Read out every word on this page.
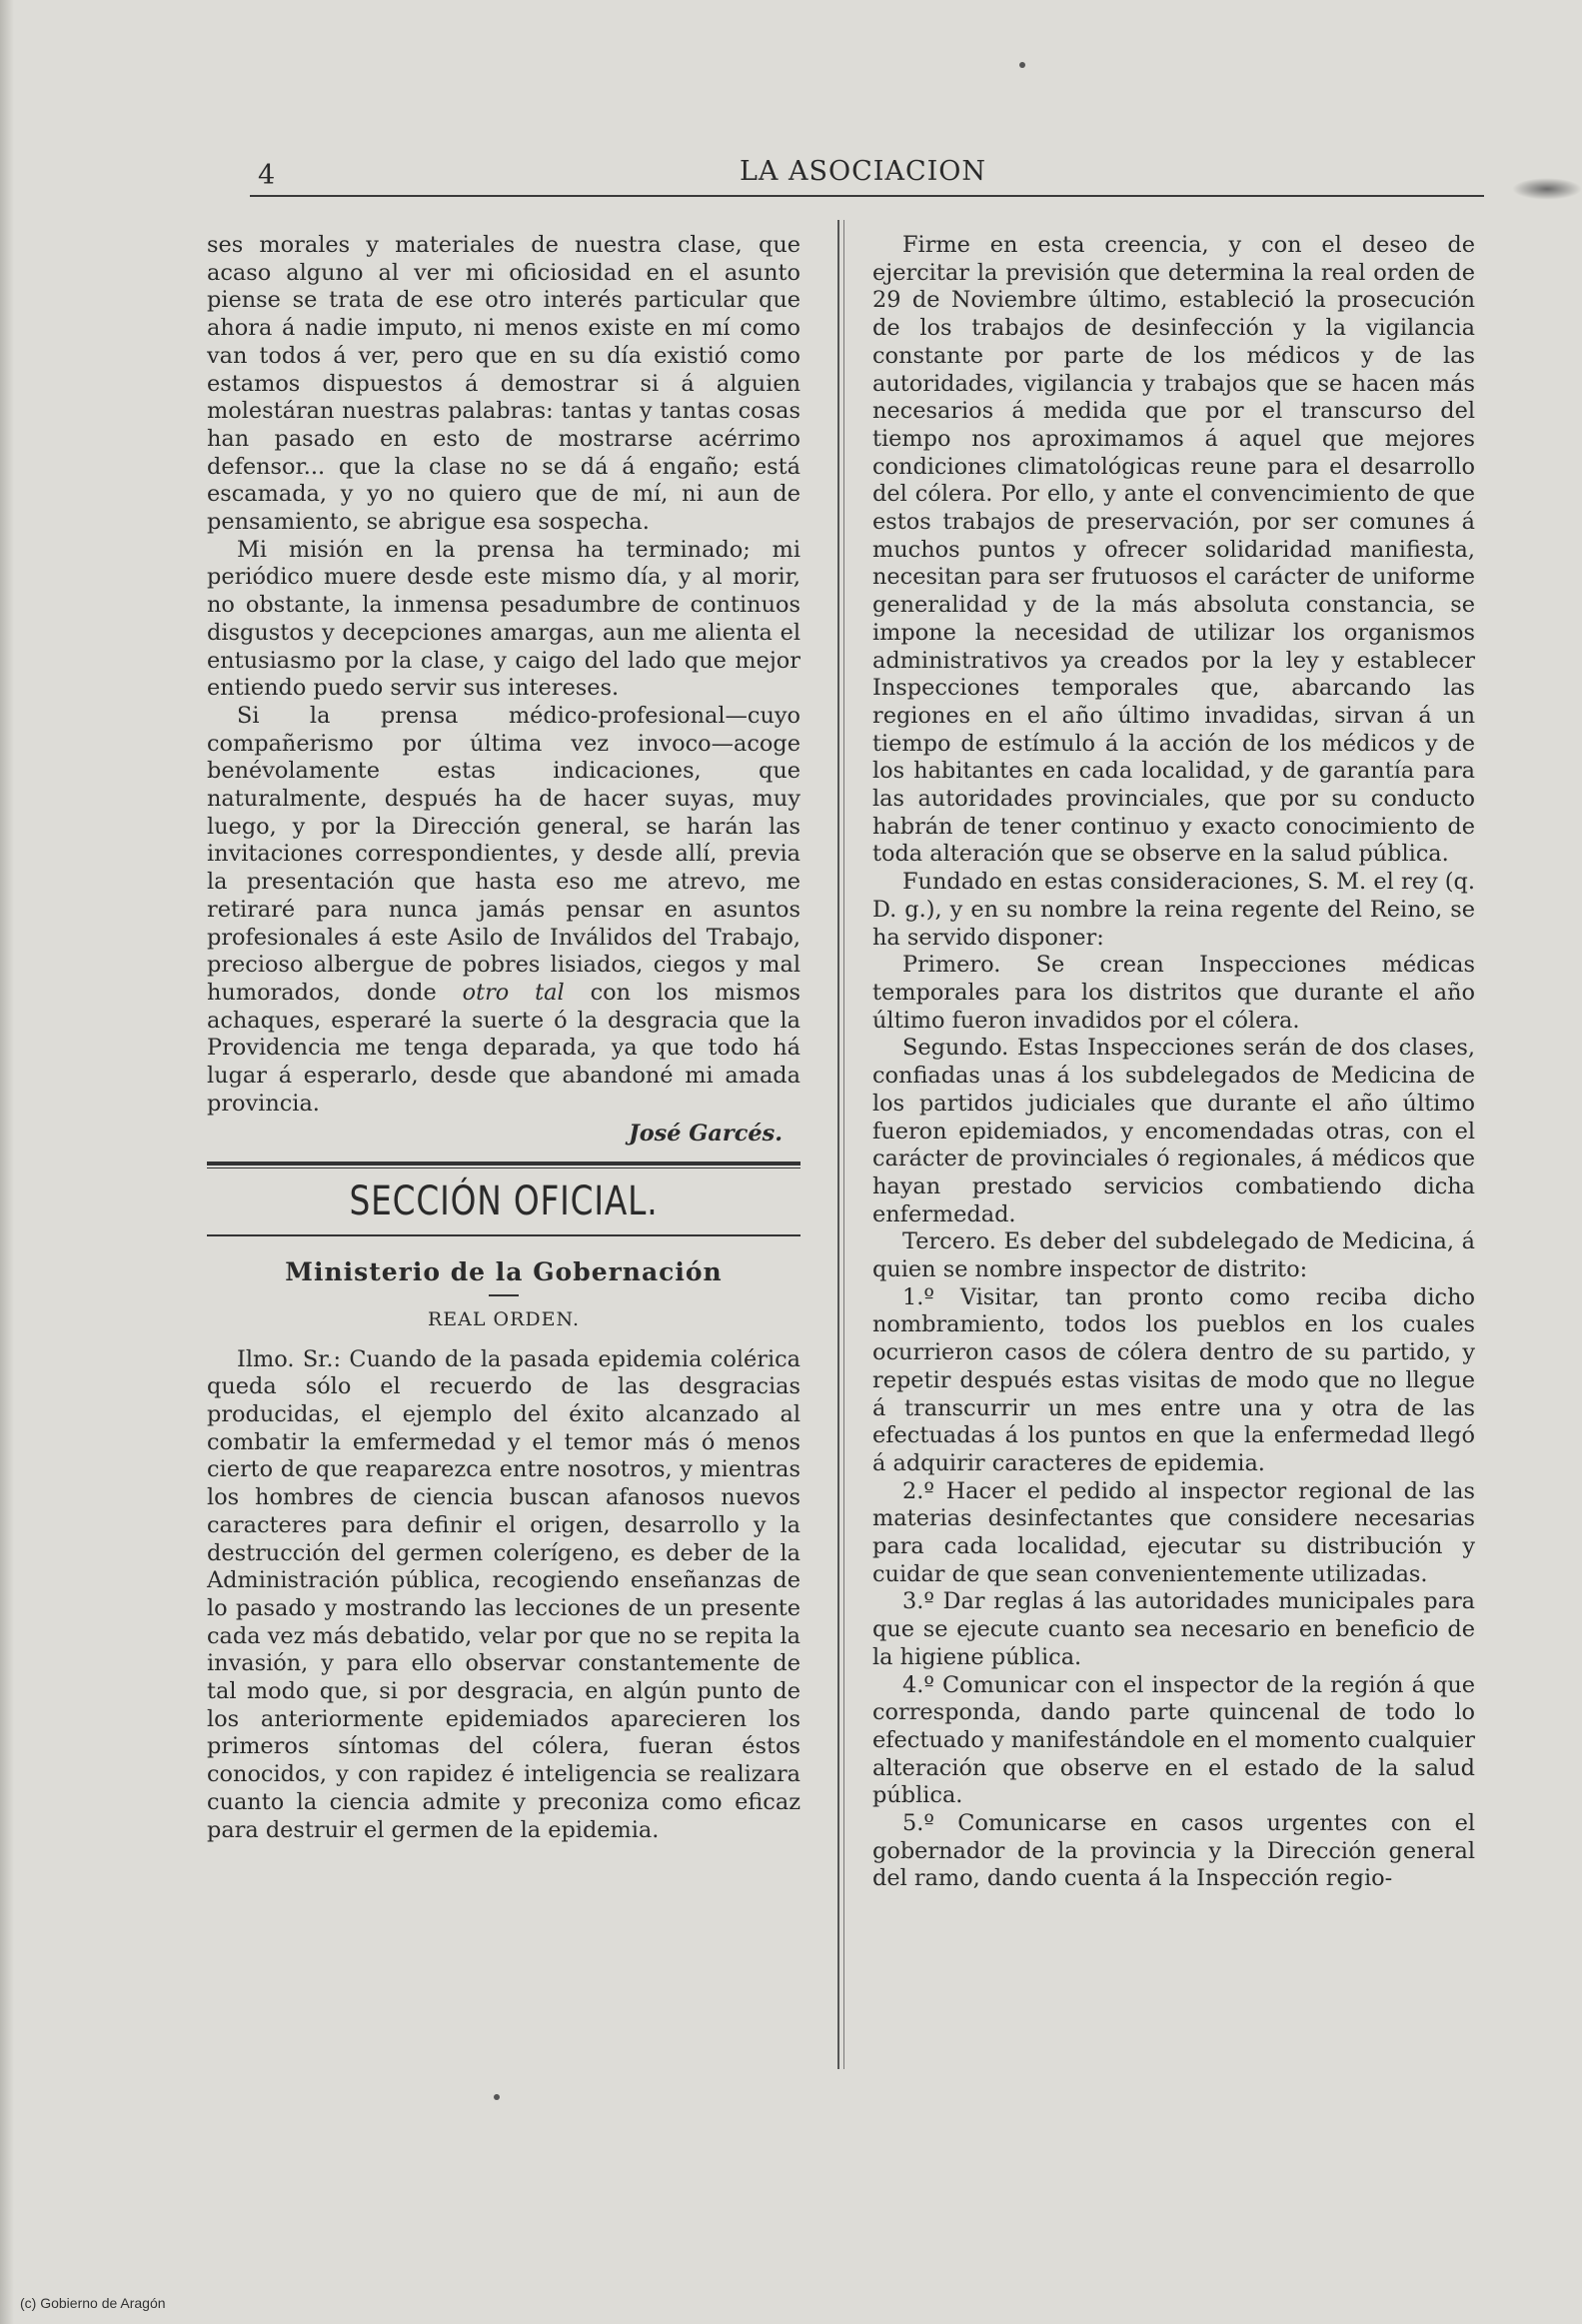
4	LA ASOCIACION

ses morales y materiales de nuestra clase, que acaso alguno al ver mi oficiosidad en el asunto piense se trata de ese otro interés particular que ahora á nadie imputo, ni menos existe en mí como van todos á ver, pero que en su día existió como estamos dispuestos á demostrar si á alguien molestáran nuestras palabras: tantas y tantas cosas han pasado en esto de mostrarse acérrimo defensor... que la clase no se dá á engaño; está escamada, y yo no quiero que de mí, ni aun de pensamiento, se abrigue esa sospecha.

Mi misión en la prensa ha terminado; mi periódico muere desde este mismo día, y al morir, no obstante, la inmensa pesadumbre de continuos disgustos y decepciones amargas, aun me alienta el entusiasmo por la clase, y caigo del lado que mejor entiendo puedo servir sus intereses.

Si la prensa médico-profesional—cuyo compañerismo por última vez invoco—acoge benévolamente estas indicaciones, que naturalmente, después ha de hacer suyas, muy luego, y por la Dirección general, se harán las invitaciones correspondientes, y desde allí, previa la presentación que hasta eso me atrevo, me retiraré para nunca jamás pensar en asuntos profesionales á este Asilo de Inválidos del Trabajo, precioso albergue de pobres lisiados, ciegos y mal humorados, donde otro tal con los mismos achaques, esperaré la suerte ó la desgracia que la Providencia me tenga deparada, ya que todo há lugar á esperarlo, desde que abandoné mi amada provincia.

José Garcés.
SECCIÓN OFICIAL.
Ministerio de la Gobernación
REAL ORDEN.

Ilmo. Sr.: Cuando de la pasada epidemia colérica queda sólo el recuerdo de las desgracias producidas, el ejemplo del éxito alcanzado al combatir la emfermedad y el temor más ó menos cierto de que reaparezca entre nosotros, y mientras los hombres de ciencia buscan afanosos nuevos caracteres para definir el origen, desarrollo y la destrucción del germen colerígeno, es deber de la Administración pública, recogiendo enseñanzas de lo pasado y mostrando las lecciones de un presente cada vez más debatido, velar por que no se repita la invasión, y para ello observar constantemente de tal modo que, si por desgracia, en algún punto de los anteriormente epidemiados aparecieren los primeros síntomas del cólera, fueran éstos conocidos, y con rapidez é inteligencia se realizara cuanto la ciencia admite y preconiza como eficaz para destruir el germen de la epidemia.

Firme en esta creencia, y con el deseo de ejercitar la previsión que determina la real orden de 29 de Noviembre último, estableció la prosecución de los trabajos de desinfección y la vigilancia constante por parte de los médicos y de las autoridades, vigilancia y trabajos que se hacen más necesarios á medida que por el transcurso del tiempo nos aproximamos á aquel que mejores condiciones climatológicas reune para el desarrollo del cólera. Por ello, y ante el convencimiento de que estos trabajos de preservación, por ser comunes á muchos puntos y ofrecer solidaridad manifiesta, necesitan para ser frutuosos el carácter de uniforme generalidad y de la más absoluta constancia, se impone la necesidad de utilizar los organismos administrativos ya creados por la ley y establecer Inspecciones temporales que, abarcando las regiones en el año último invadidas, sirvan á un tiempo de estímulo á la acción de los médicos y de los habitantes en cada localidad, y de garantía para las autoridades provinciales, que por su conducto habrán de tener continuo y exacto conocimiento de toda alteración que se observe en la salud pública.

Fundado en estas consideraciones, S. M. el rey (q. D. g.), y en su nombre la reina regente del Reino, se ha servido disponer:

Primero. Se crean Inspecciones médicas temporales para los distritos que durante el año último fueron invadidos por el cólera.

Segundo. Estas Inspecciones serán de dos clases, confiadas unas á los subdelegados de Medicina de los partidos judiciales que durante el año último fueron epidemiados, y encomendadas otras, con el carácter de provinciales ó regionales, á médicos que hayan prestado servicios combatiendo dicha enfermedad.

Tercero. Es deber del subdelegado de Medicina, á quien se nombre inspector de distrito:

1.º Visitar, tan pronto como reciba dicho nombramiento, todos los pueblos en los cuales ocurrieron casos de cólera dentro de su partido, y repetir después estas visitas de modo que no llegue á transcurrir un mes entre una y otra de las efectuadas á los puntos en que la enfermedad llegó á adquirir caracteres de epidemia.

2.º Hacer el pedido al inspector regional de las materias desinfectantes que considere necesarias para cada localidad, ejecutar su distribución y cuidar de que sean convenientemente utilizadas.

3.º Dar reglas á las autoridades municipales para que se ejecute cuanto sea necesario en beneficio de la higiene pública.

4.º Comunicar con el inspector de la región á que corresponda, dando parte quincenal de todo lo efectuado y manifestándole en el momento cualquier alteración que observe en el estado de la salud pública.

5.º Comunicarse en casos urgentes con el gobernador de la provincia y la Dirección general del ramo, dando cuenta á la Inspección regio-

(c) Gobierno de Aragón
